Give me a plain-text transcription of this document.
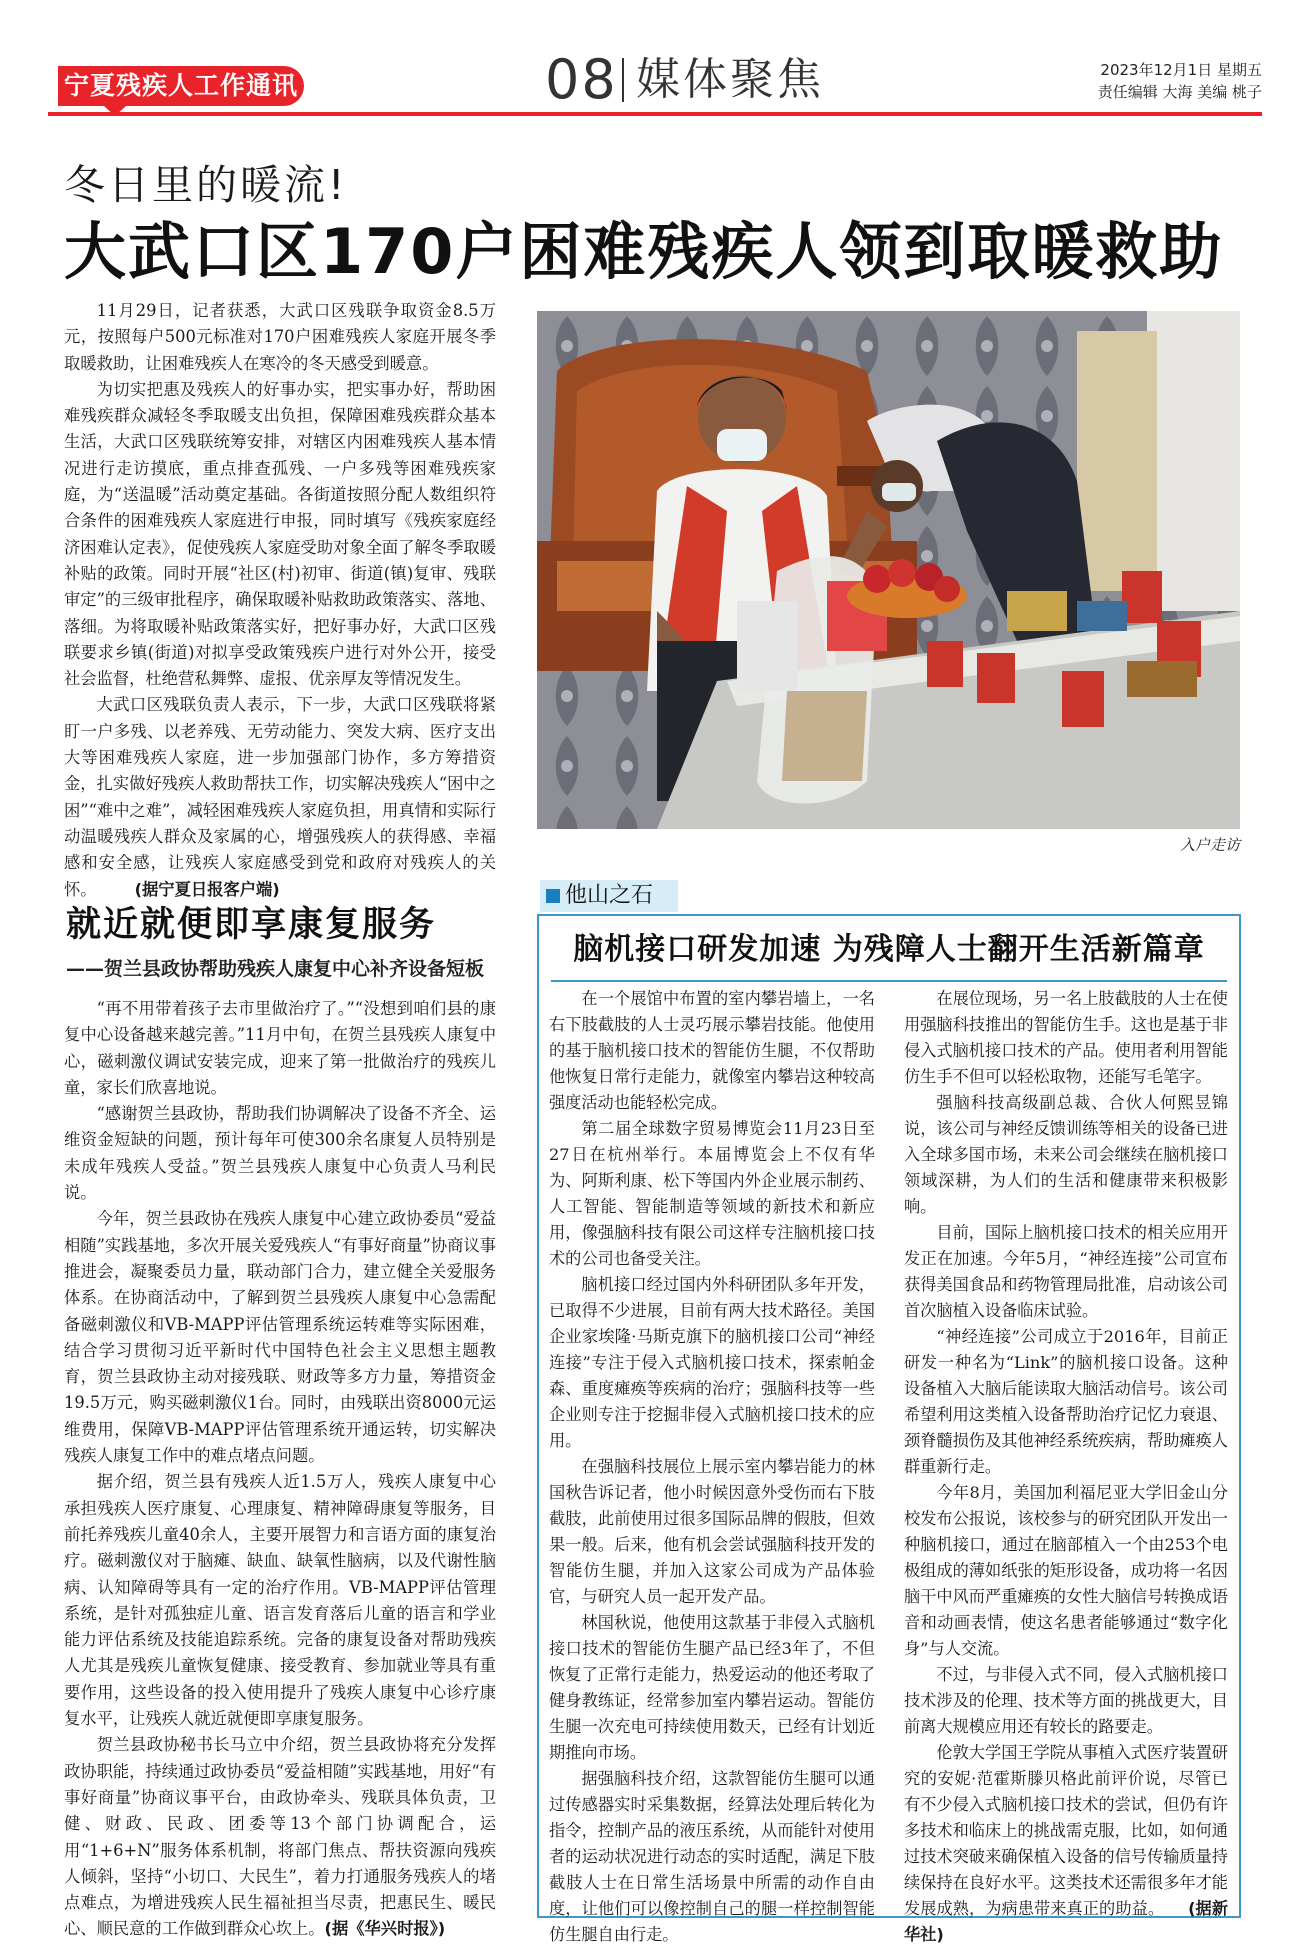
宁夏残疾人工作通讯	08 媒体聚焦	2023年12月1日 星期五
责任编辑 大海 美编 桃子
冬日里的暖流!
大武口区170户困难残疾人领到取暖救助

11月29日，记者获悉，大武口区残联争取资金8.5万元，按照每户500元标准对170户困难残疾人家庭开展冬季取暖救助，让困难残疾人在寒冷的冬天感受到暖意。

为切实把惠及残疾人的好事办实，把实事办好，帮助困难残疾群众减轻冬季取暖支出负担，保障困难残疾群众基本生活，大武口区残联统筹安排，对辖区内困难残疾人基本情况进行走访摸底，重点排查孤残、一户多残等困难残疾家庭，为“送温暖”活动奠定基础。各街道按照分配人数组织符合条件的困难残疾人家庭进行申报，同时填写《残疾家庭经济困难认定表》，促使残疾人家庭受助对象全面了解冬季取暖补贴的政策。同时开展“社区(村)初审、街道(镇)复审、残联审定”的三级审批程序，确保取暖补贴救助政策落实、落地、落细。为将取暖补贴政策落实好，把好事办好，大武口区残联要求乡镇(街道)对拟享受政策残疾户进行对外公开，接受社会监督，杜绝营私舞弊、虚报、优亲厚友等情况发生。

大武口区残联负责人表示，下一步，大武口区残联将紧盯一户多残、以老养残、无劳动能力、突发大病、医疗支出大等困难残疾人家庭，进一步加强部门协作，多方筹措资金，扎实做好残疾人救助帮扶工作，切实解决残疾人“困中之困”“难中之难”，减轻困难残疾人家庭负担，用真情和实际行动温暖残疾人群众及家属的心，增强残疾人的获得感、幸福感和安全感，让残疾人家庭感受到党和政府对残疾人的关怀。 (据宁夏日报客户端)

入户走访
就近就便即享康复服务
——贺兰县政协帮助残疾人康复中心补齐设备短板

“再不用带着孩子去市里做治疗了。”“没想到咱们县的康复中心设备越来越完善。”11月中旬，在贺兰县残疾人康复中心，磁刺激仪调试安装完成，迎来了第一批做治疗的残疾儿童，家长们欣喜地说。

“感谢贺兰县政协，帮助我们协调解决了设备不齐全、运维资金短缺的问题，预计每年可使300余名康复人员特别是未成年残疾人受益。”贺兰县残疾人康复中心负责人马利民说。

今年，贺兰县政协在残疾人康复中心建立政协委员“爱益相随”实践基地，多次开展关爱残疾人“有事好商量”协商议事推进会，凝聚委员力量，联动部门合力，建立健全关爱服务体系。在协商活动中，了解到贺兰县残疾人康复中心急需配备磁刺激仪和VB-MAPP评估管理系统运转难等实际困难，结合学习贯彻习近平新时代中国特色社会主义思想主题教育，贺兰县政协主动对接残联、财政等多方力量，筹措资金19.5万元，购买磁刺激仪1台。同时，由残联出资8000元运维费用，保障VB-MAPP评估管理系统开通运转，切实解决残疾人康复工作中的难点堵点问题。

据介绍，贺兰县有残疾人近1.5万人，残疾人康复中心承担残疾人医疗康复、心理康复、精神障碍康复等服务，目前托养残疾儿童40余人，主要开展智力和言语方面的康复治疗。磁刺激仪对于脑瘫、缺血、缺氧性脑病，以及代谢性脑病、认知障碍等具有一定的治疗作用。VB-MAPP评估管理系统，是针对孤独症儿童、语言发育落后儿童的语言和学业能力评估系统及技能追踪系统。完备的康复设备对帮助残疾人尤其是残疾儿童恢复健康、接受教育、参加就业等具有重要作用，这些设备的投入使用提升了残疾人康复中心诊疗康复水平，让残疾人就近就便即享康复服务。

贺兰县政协秘书长马立中介绍，贺兰县政协将充分发挥政协职能，持续通过政协委员“爱益相随”实践基地，用好“有事好商量”协商议事平台，由政协牵头、残联具体负责，卫健、财政、民政、团委等13个部门协调配合，运用“1+6+N”服务体系机制，将部门焦点、帮扶资源向残疾人倾斜，坚持“小切口、大民生”，着力打通服务残疾人的堵点难点，为增进残疾人民生福祉担当尽责，把惠民生、暖民心、顺民意的工作做到群众心坎上。(据《华兴时报》)

他山之石
脑机接口研发加速 为残障人士翻开生活新篇章

在一个展馆中布置的室内攀岩墙上，一名右下肢截肢的人士灵巧展示攀岩技能。他使用的基于脑机接口技术的智能仿生腿，不仅帮助他恢复日常行走能力，就像室内攀岩这种较高强度活动也能轻松完成。

第二届全球数字贸易博览会11月23日至27日在杭州举行。本届博览会上不仅有华为、阿斯利康、松下等国内外企业展示制药、人工智能、智能制造等领域的新技术和新应用，像强脑科技有限公司这样专注脑机接口技术的公司也备受关注。

脑机接口经过国内外科研团队多年开发，已取得不少进展，目前有两大技术路径。美国企业家埃隆·马斯克旗下的脑机接口公司“神经连接”专注于侵入式脑机接口技术，探索帕金森、重度瘫痪等疾病的治疗；强脑科技等一些企业则专注于挖掘非侵入式脑机接口技术的应用。

在强脑科技展位上展示室内攀岩能力的林国秋告诉记者，他小时候因意外受伤而右下肢截肢，此前使用过很多国际品牌的假肢，但效果一般。后来，他有机会尝试强脑科技开发的智能仿生腿，并加入这家公司成为产品体验官，与研究人员一起开发产品。

林国秋说，他使用这款基于非侵入式脑机接口技术的智能仿生腿产品已经3年了，不但恢复了正常行走能力，热爱运动的他还考取了健身教练证，经常参加室内攀岩运动。智能仿生腿一次充电可持续使用数天，已经有计划近期推向市场。

据强脑科技介绍，这款智能仿生腿可以通过传感器实时采集数据，经算法处理后转化为指令，控制产品的液压系统，从而能针对使用者的运动状况进行动态的实时适配，满足下肢截肢人士在日常生活场景中所需的动作自由度，让他们可以像控制自己的腿一样控制智能仿生腿自由行走。

在展位现场，另一名上肢截肢的人士在使用强脑科技推出的智能仿生手。这也是基于非侵入式脑机接口技术的产品。使用者利用智能仿生手不但可以轻松取物，还能写毛笔字。

强脑科技高级副总裁、合伙人何熙昱锦说，该公司与神经反馈训练等相关的设备已进入全球多国市场，未来公司会继续在脑机接口领域深耕，为人们的生活和健康带来积极影响。

目前，国际上脑机接口技术的相关应用开发正在加速。今年5月，“神经连接”公司宣布获得美国食品和药物管理局批准，启动该公司首次脑植入设备临床试验。

“神经连接”公司成立于2016年，目前正研发一种名为“Link”的脑机接口设备。这种设备植入大脑后能读取大脑活动信号。该公司希望利用这类植入设备帮助治疗记忆力衰退、颈脊髓损伤及其他神经系统疾病，帮助瘫痪人群重新行走。

今年8月，美国加利福尼亚大学旧金山分校发布公报说，该校参与的研究团队开发出一种脑机接口，通过在脑部植入一个由253个电极组成的薄如纸张的矩形设备，成功将一名因脑干中风而严重瘫痪的女性大脑信号转换成语音和动画表情，使这名患者能够通过“数字化身”与人交流。

不过，与非侵入式不同，侵入式脑机接口技术涉及的伦理、技术等方面的挑战更大，目前离大规模应用还有较长的路要走。

伦敦大学国王学院从事植入式医疗装置研究的安妮·范霍斯滕贝格此前评价说，尽管已有不少侵入式脑机接口技术的尝试，但仍有许多技术和临床上的挑战需克服，比如，如何通过技术突破来确保植入设备的信号传输质量持续保持在良好水平。这类技术还需很多年才能发展成熟，为病患带来真正的助益。 (据新华社)
